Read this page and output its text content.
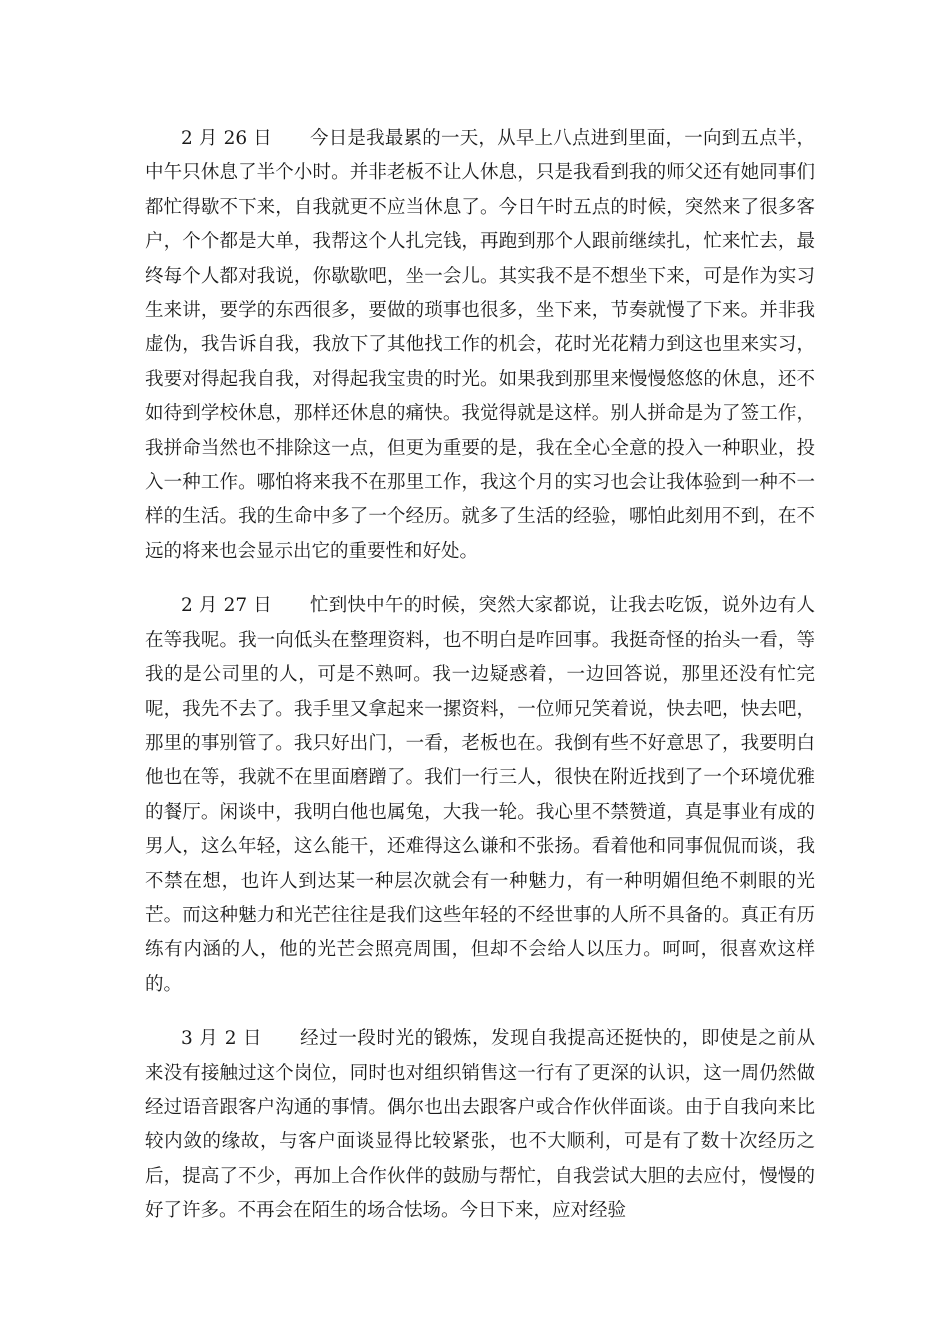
2 月 26 日 今日是我最累的一天，从早上八点进到里面，一向到五点半，中午只休息了半个小时。并非老板不让人休息，只是我看到我的师父还有她同事们都忙得歇不下来，自我就更不应当休息了。今日午时五点的时候，突然来了很多客户，个个都是大单，我帮这个人扎完钱，再跑到那个人跟前继续扎，忙来忙去，最终每个人都对我说，你歇歇吧，坐一会儿。其实我不是不想坐下来，可是作为实习生来讲，要学的东西很多，要做的琐事也很多，坐下来，节奏就慢了下来。并非我虚伪，我告诉自我，我放下了其他找工作的机会，花时光花精力到这也里来实习，我要对得起我自我，对得起我宝贵的时光。如果我到那里来慢慢悠悠的休息，还不如待到学校休息，那样还休息的痛快。我觉得就是这样。别人拼命是为了签工作，我拼命当然也不排除这一点，但更为重要的是，我在全心全意的投入一种职业，投入一种工作。哪怕将来我不在那里工作，我这个月的实习也会让我体验到一种不一样的生活。我的生命中多了一个经历。就多了生活的经验，哪怕此刻用不到，在不远的将来也会显示出它的重要性和好处。

2 月 27 日 忙到快中午的时候，突然大家都说，让我去吃饭，说外边有人在等我呢。我一向低头在整理资料，也不明白是咋回事。我挺奇怪的抬头一看，等我的是公司里的人，可是不熟呵。我一边疑惑着，一边回答说，那里还没有忙完呢，我先不去了。我手里又拿起来一摞资料，一位师兄笑着说，快去吧，快去吧，那里的事别管了。我只好出门，一看，老板也在。我倒有些不好意思了，我要明白他也在等，我就不在里面磨蹭了。我们一行三人，很快在附近找到了一个环境优雅的餐厅。闲谈中，我明白他也属兔，大我一轮。我心里不禁赞道，真是事业有成的男人，这么年轻，这么能干，还难得这么谦和不张扬。看着他和同事侃侃而谈，我不禁在想，也许人到达某一种层次就会有一种魅力，有一种明媚但绝不刺眼的光芒。而这种魅力和光芒往往是我们这些年轻的不经世事的人所不具备的。真正有历练有内涵的人，他的光芒会照亮周围，但却不会给人以压力。呵呵，很喜欢这样的。

3 月 2 日 经过一段时光的锻炼，发现自我提高还挺快的，即使是之前从来没有接触过这个岗位，同时也对组织销售这一行有了更深的认识，这一周仍然做经过语音跟客户沟通的事情。偶尔也出去跟客户或合作伙伴面谈。由于自我向来比较内敛的缘故，与客户面谈显得比较紧张，也不大顺利，可是有了数十次经历之后，提高了不少，再加上合作伙伴的鼓励与帮忙，自我尝试大胆的去应付，慢慢的好了许多。不再会在陌生的场合怯场。今日下来，应对经验
